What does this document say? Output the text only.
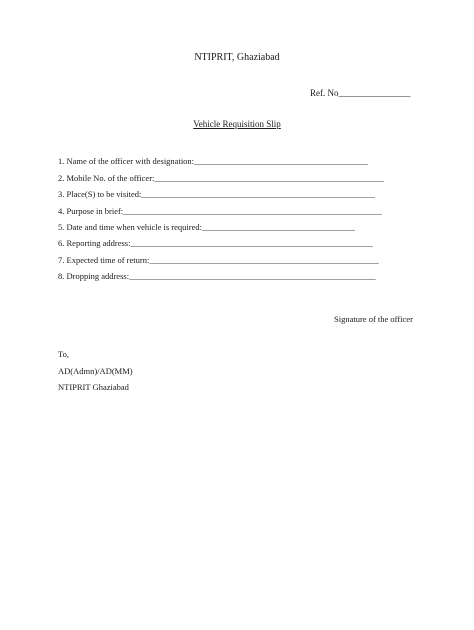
NTIPRIT, Ghaziabad
Ref. No________________
Vehicle Requisition Slip
1. Name of the officer with designation: _________________________________________
2. Mobile No. of the officer: ______________________________________________________
3. Place(S) to be visited: _______________________________________________________
4. Purpose in brief: _____________________________________________________________
5. Date and time when vehicle is required: ____________________________________
6. Reporting address: _________________________________________________________
7. Expected time of return: ______________________________________________________
8. Dropping address: __________________________________________________________
Signature of the officer
To,
AD(Admn)/AD(MM)
NTIPRIT Ghaziabad
